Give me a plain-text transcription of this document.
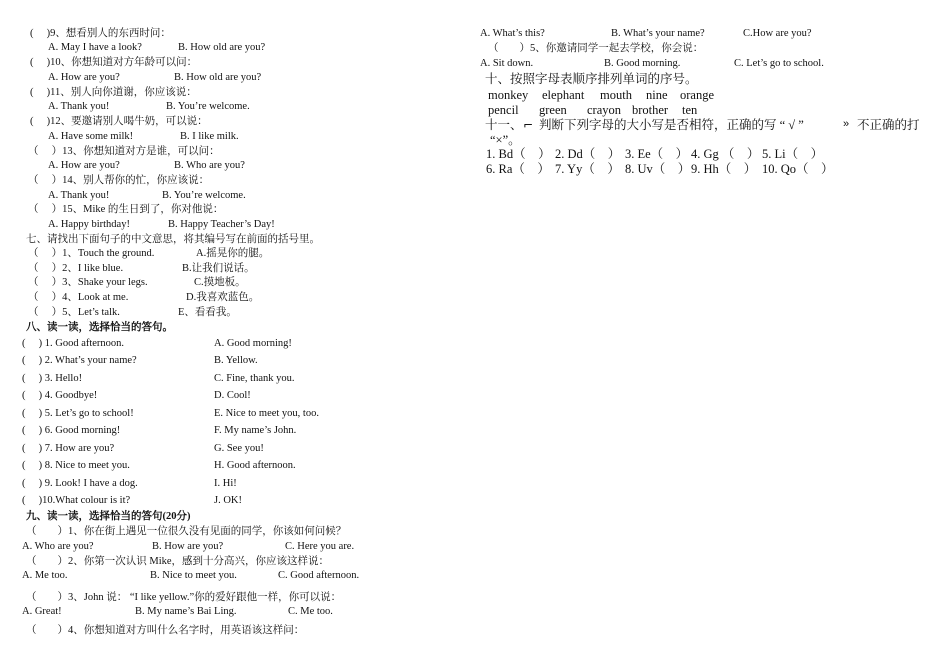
(　 )9、想看别人的东西时问：
A. May I have a look?	B. How old are you?
(　 )10、你想知道对方年龄可以问：
A. How are you?	B. How old are you?
(　 )11、别人向你道谢，你应该说：
A. Thank you!	B. You’re welcome.
(　 )12、要邀请别人喝牛奶，可以说：
A. Have some milk!	B. I like milk.
（　 ）13、你想知道对方是谁，可以问：
A. How are you?	B. Who are you?
（　 ）14、别人帮你的忙，你应该说：
A. Thank you!	B. You’re welcome.
（　 ）15、Mike 的生日到了，你对他说：
A. Happy birthday!	B. Happy Teacher’s Day!
七、请找出下面句子的中文意思，将其编号写在前面的括号里。
（　 ）1、Touch the ground.	A.摇晃你的腿。
（　 ）2、I like blue.	B.让我们说话。
（　 ）3、Shake your legs.	C.摸地板。
（　 ）4、Look at me.	D.我喜欢蓝色。
（　 ）5、Let’s talk.	E、看看我。
八、读一读，选择恰当的答句。
(　 ) 1. Good afternoon.	A. Good morning!
(　 ) 2. What’s your name?	B. Yellow.
(　 ) 3. Hello!	C. Fine, thank you.
(　 ) 4. Goodbye!	D. Cool!
(　 ) 5. Let’s go to school!	E. Nice to meet you, too.
(　 ) 6. Good morning!	F. My name’s John.
(　 ) 7. How are you?	G. See you!
(　 ) 8. Nice to meet you.	H. Good afternoon.
(　 ) 9. Look! I have a dog.	I. Hi!
(　 )10.What colour is it?	J. OK!
九、读一读，选择恰当的答句(20分)
（　　）1、你在街上遇见一位很久没有见面的同学，你该如何问候？
A. Who are you?	B. How are you?	C. Here you are.
（　　）2、你第一次认识 Mike，感到十分高兴，你应该这样说：
A. Me too.	B. Nice to meet you.	C. Good afternoon.
（　　）3、John 说： “I like yellow.”你的爱好跟他一样，你可以说：
A. Great!	B. My name’s Bai Ling.	C. Me too.
（　　）4、你想知道对方叫什么名字时，用英语该这样问：
A. What’s this?	B. What’s your name?	C.How are you?
（　　）5、你邀请同学一起去学校，你会说：
A. Sit down.	B. Good morning.	C. Let’s go to school.
十、按照字母表顺序排列单词的序号。
monkey elephant mouth nine orange
pencil green crayon brother ten
十一、 ⌐ 判断下列字母的大小写是否相符，正确的写 “ √ ”	» 不正确的打
“×”。
1. Bd（　） 2. Dd（　） 3. Ee（　） 4. Gg （　） 5. Li（　）
6. Ra（　） 7. Yy（　） 8. Uv（　） 9. Hh（　） 10. Qo（　）
